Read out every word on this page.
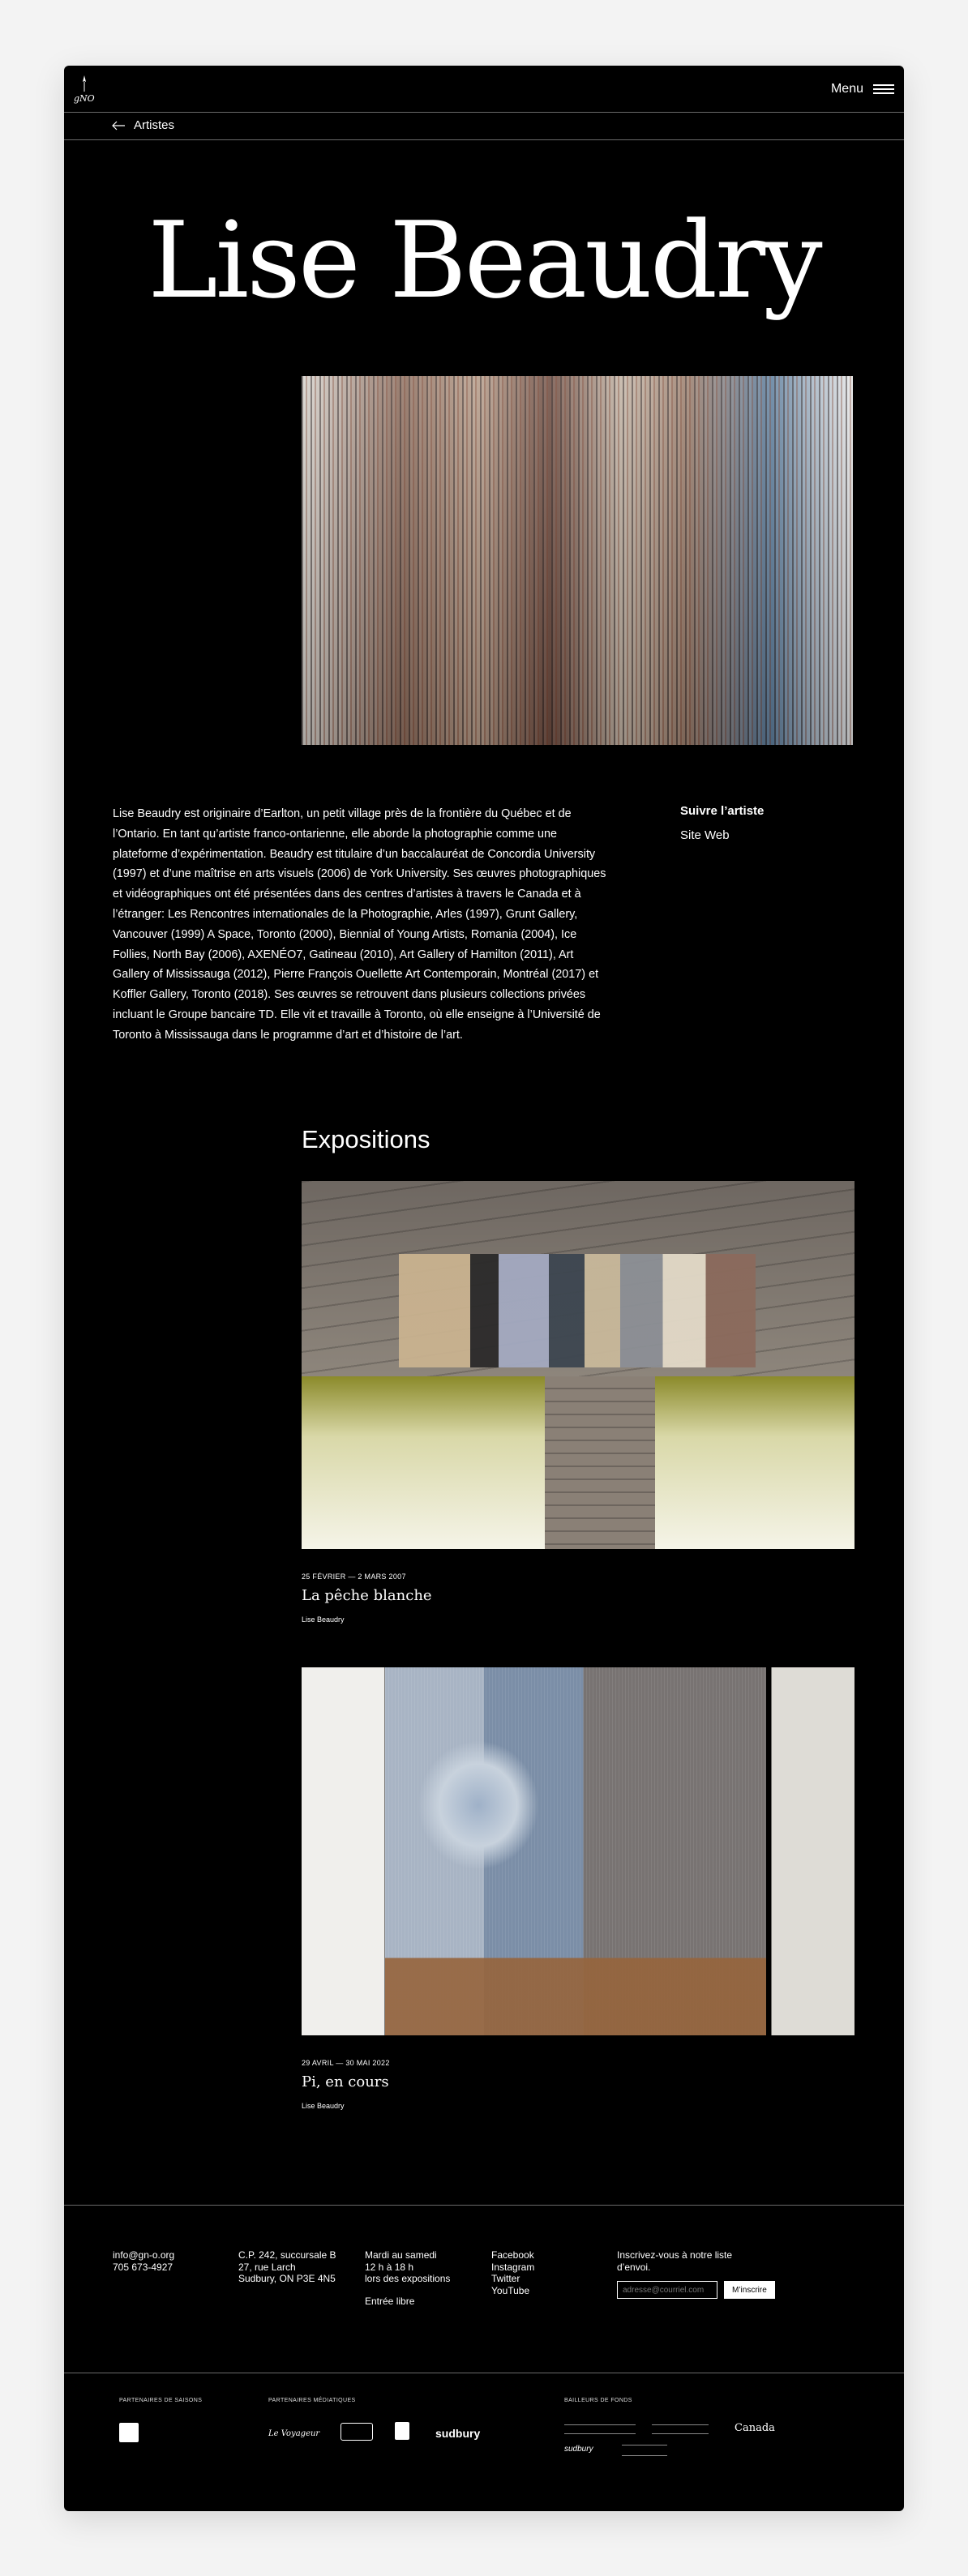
gNO
Menu
Artistes
Lise Beaudry

Lise Beaudry est originaire d’Earlton, un petit village près de la frontière du Québec et de l’Ontario. En tant qu’artiste franco-ontarienne, elle aborde la photographie comme une plateforme d’expérimentation. Beaudry est titulaire d’un baccalauréat de Concordia University (1997) et d’une maîtrise en arts visuels (2006) de York University. Ses œuvres photographiques et vidéographiques ont été présentées dans des centres d’artistes à travers le Canada et à l’étranger: Les Rencontres internationales de la Photographie, Arles (1997), Grunt Gallery, Vancouver (1999) A Space, Toronto (2000), Biennial of Young Artists, Romania (2004), Ice Follies, North Bay (2006), AXENÉO7, Gatineau (2010), Art Gallery of Hamilton (2011), Art Gallery of Mississauga (2012), Pierre François Ouellette Art Contemporain, Montréal (2017) et Koffler Gallery, Toronto (2018). Ses œuvres se retrouvent dans plusieurs collections privées incluant le Groupe bancaire TD. Elle vit et travaille à Toronto, où elle enseigne à l’Université de Toronto à Mississauga dans le programme d’art et d’histoire de l’art.

Suivre l’artiste
Site Web
Expositions
25 FÉVRIER — 2 MARS 2007
La pêche blanche
Lise Beaudry
29 AVRIL — 30 MAI 2022
Pi, en cours
Lise Beaudry
info@gn-o.org
705 673-4927
C.P. 242, succursale B
27, rue Larch
Sudbury, ON P3E 4N5
Mardi au samedi
12 h à 18 h
lors des expositions
Entrée libre
Facebook
Instagram
Twitter
YouTube
Inscrivez-vous à notre liste d’envoi.
adresse@courriel.com
M’inscrire
PARTENAIRES DE SAISONS	PARTENAIRES MÉDIATIQUES	BAILLEURS DE FONDS
Le Voyageur	sudbury	Canada
sudbury
